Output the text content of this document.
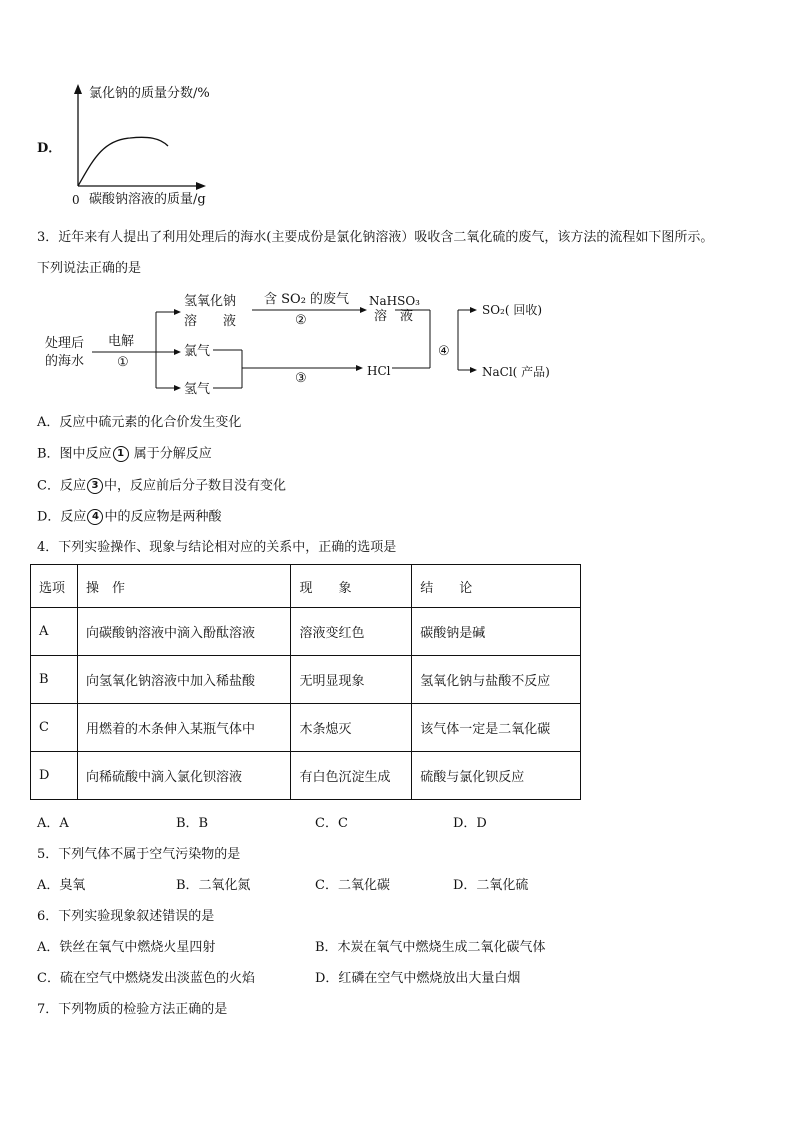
D．
氯化钠的质量分数/%
0 碳酸钠溶液的质量/g
3．近年来有人提出了利用处理后的海水(主要成份是氯化钠溶液）吸收含二氧化硫的废气，该方法的流程如下图所示。
下列说法正确的是
处理后
的海水
电解
①
氢氧化钠
溶　　液
含 SO₂ 的废气
②
NaHSO₃
溶　液
氯气
氢气
③	HCl
④
SO₂( 回收)
NaCl( 产品)
A．反应中硫元素的化合价发生变化
B．图中反应 1 属于分解反应
C．反应 3 中，反应前后分子数目没有变化
D．反应 4 中的反应物是两种酸
4．下列实验操作、现象与结论相对应的关系中，正确的选项是
选项	操　作	现　　象	结　　论
A	向碳酸钠溶液中滴入酚酞溶液	溶液变红色	碳酸钠是碱
B	向氢氧化钠溶液中加入稀盐酸	无明显现象	氢氧化钠与盐酸不反应
C	用燃着的木条伸入某瓶气体中	木条熄灭	该气体一定是二氧化碳
D	向稀硫酸中滴入氯化钡溶液	有白色沉淀生成	硫酸与氯化钡反应
A．A	B．B	C．C	D．D
5．下列气体不属于空气污染物的是
A．臭氧	B．二氧化氮	C．二氧化碳	D．二氧化硫
6．下列实验现象叙述错误的是
A．铁丝在氧气中燃烧火星四射	B．木炭在氧气中燃烧生成二氧化碳气体
C．硫在空气中燃烧发出淡蓝色的火焰	D．红磷在空气中燃烧放出大量白烟
7．下列物质的检验方法正确的是
